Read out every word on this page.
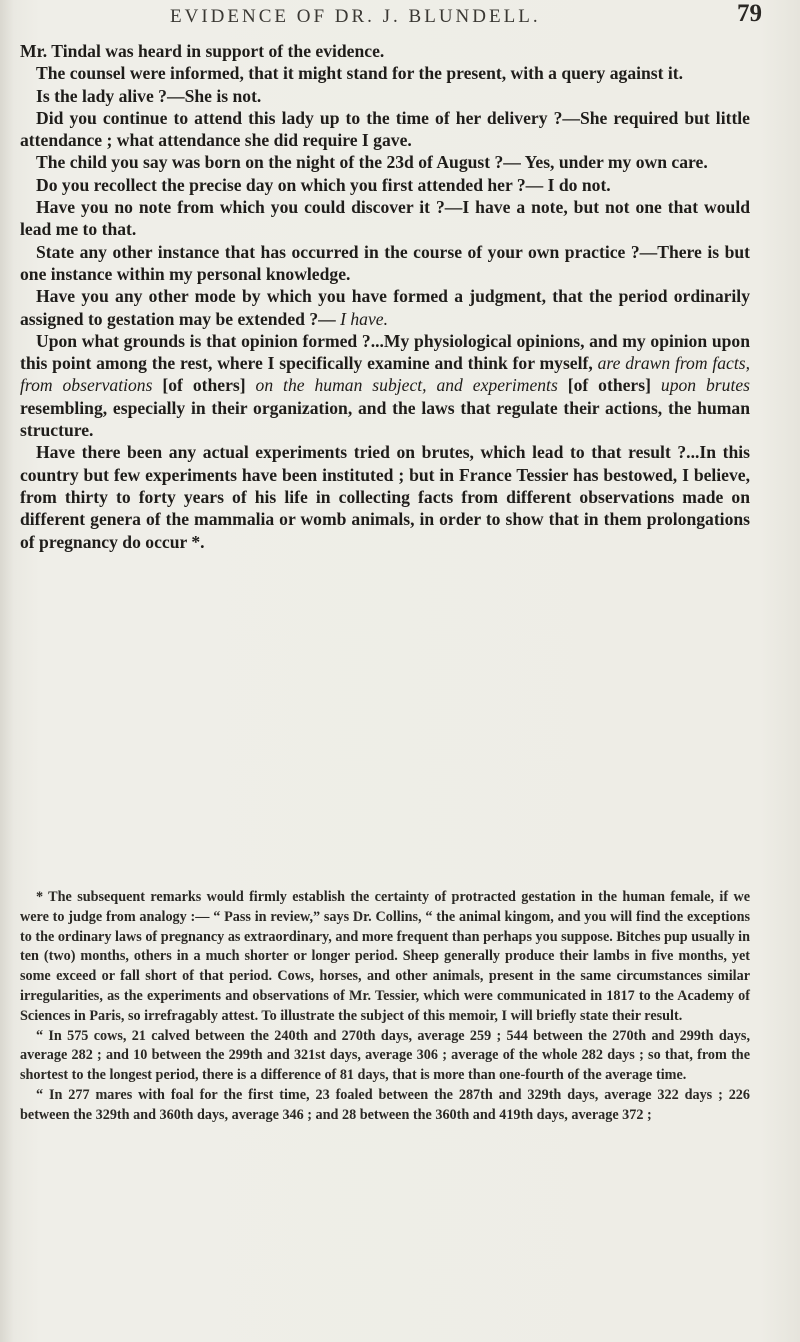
EVIDENCE OF DR. J. BLUNDELL.	79

Mr. Tindal was heard in support of the evidence.

The counsel were informed, that it might stand for the present, with a query against it.

Is the lady alive ?—She is not.

Did you continue to attend this lady up to the time of her delivery ?—She required but little attendance ; what attendance she did require I gave.

The child you say was born on the night of the 23d of August ?— Yes, under my own care.

Do you recollect the precise day on which you first attended her ?— I do not.

Have you no note from which you could discover it ?—I have a note, but not one that would lead me to that.

State any other instance that has occurred in the course of your own practice ?—There is but one instance within my personal knowledge.

Have you any other mode by which you have formed a judgment, that the period ordinarily assigned to gestation may be extended ?— I have.

Upon what grounds is that opinion formed ?...My physiological opinions, and my opinion upon this point among the rest, where I specifically examine and think for myself, are drawn from facts, from observations [of others] on the human subject, and experiments [of others] upon brutes resembling, especially in their organization, and the laws that regulate their actions, the human structure.

Have there been any actual experiments tried on brutes, which lead to that result ?...In this country but few experiments have been instituted ; but in France Tessier has bestowed, I believe, from thirty to forty years of his life in collecting facts from different observations made on different genera of the mammalia or womb animals, in order to show that in them prolongations of pregnancy do occur *.

* The subsequent remarks would firmly establish the certainty of protracted gestation in the human female, if we were to judge from analogy :— “ Pass in review,” says Dr. Collins, “ the animal kingom, and you will find the exceptions to the ordinary laws of pregnancy as extraordinary, and more frequent than perhaps you suppose. Bitches pup usually in ten (two) months, others in a much shorter or longer period. Sheep generally produce their lambs in five months, yet some exceed or fall short of that period. Cows, horses, and other animals, present in the same circumstances similar irregularities, as the experiments and observations of Mr. Tessier, which were communicated in 1817 to the Academy of Sciences in Paris, so irrefragably attest. To illustrate the subject of this memoir, I will briefly state their result.

“ In 575 cows, 21 calved between the 240th and 270th days, average 259 ; 544 between the 270th and 299th days, average 282 ; and 10 between the 299th and 321st days, average 306 ; average of the whole 282 days ; so that, from the shortest to the longest period, there is a difference of 81 days, that is more than one-fourth of the average time.

“ In 277 mares with foal for the first time, 23 foaled between the 287th and 329th days, average 322 days ; 226 between the 329th and 360th days, average 346 ; and 28 between the 360th and 419th days, average 372 ;
